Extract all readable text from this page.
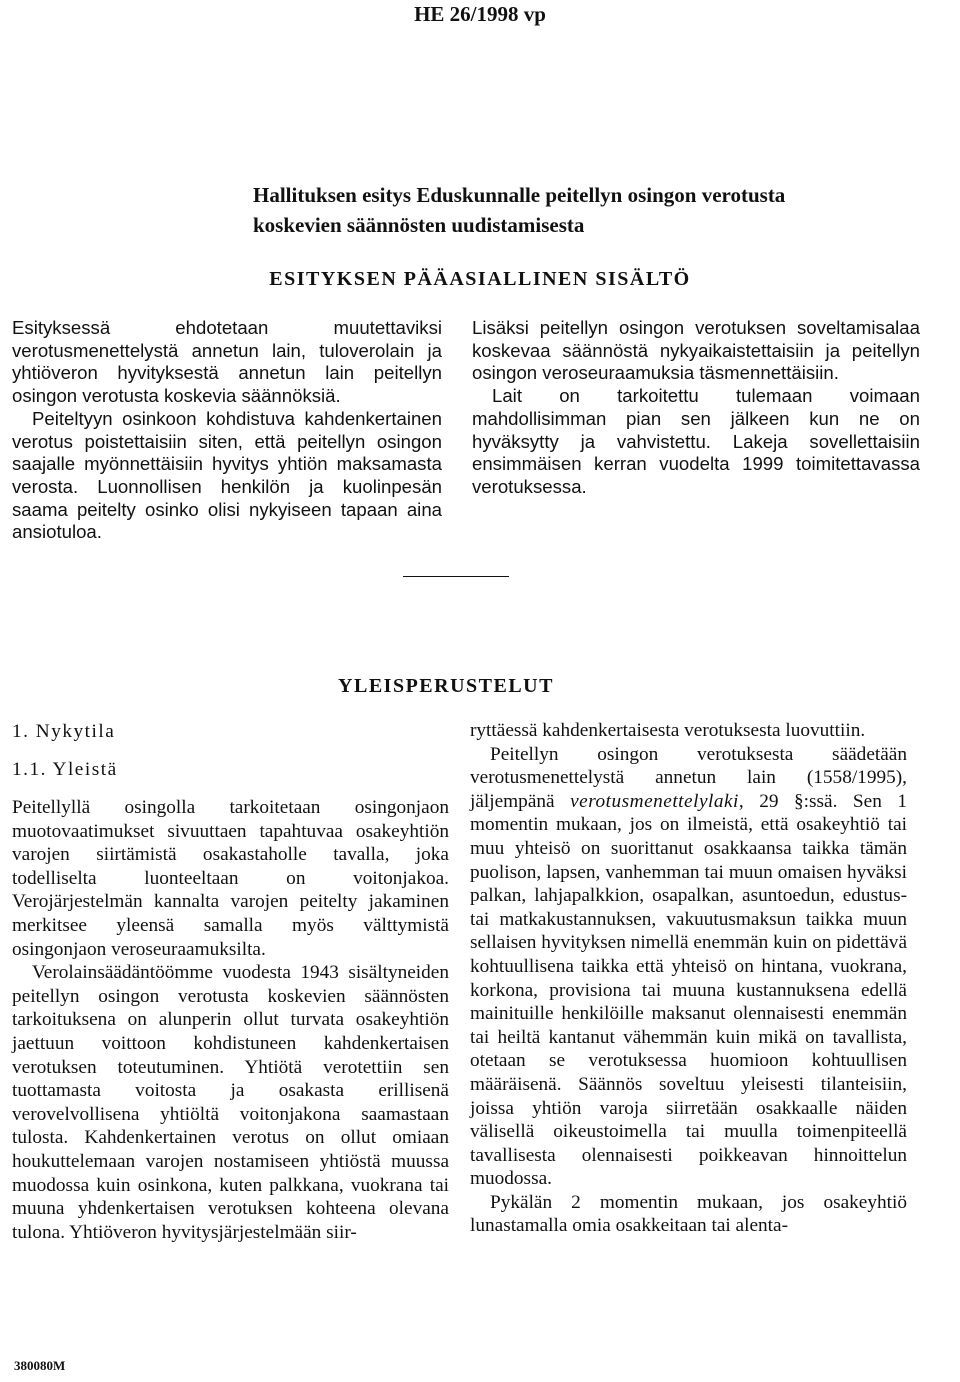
HE 26/1998 vp
Hallituksen esitys Eduskunnalle peitellyn osingon verotusta
koskevien säännösten uudistamisesta
ESITYKSEN PÄÄASIALLINEN SISÄLTÖ

Esityksessä ehdotetaan muutettaviksi verotusmenettelystä annetun lain, tuloverolain ja yhtiöveron hyvityksestä annetun lain peitellyn osingon verotusta koskevia säännöksiä.

Peiteltyyn osinkoon kohdistuva kahdenkertainen verotus poistettaisiin siten, että peitellyn osingon saajalle myönnettäisiin hyvitys yhtiön maksamasta verosta. Luonnollisen henkilön ja kuolinpesän saama peitelty osinko olisi nykyiseen tapaan aina ansiotuloa.

Lisäksi peitellyn osingon verotuksen soveltamisalaa koskevaa säännöstä nykyaikaistettaisiin ja peitellyn osingon veroseuraamuksia täsmennettäisiin.

Lait on tarkoitettu tulemaan voimaan mahdollisimman pian sen jälkeen kun ne on hyväksytty ja vahvistettu. Lakeja sovellettaisiin ensimmäisen kerran vuodelta 1999 toimitettavassa verotuksessa.

YLEISPERUSTELUT
1. Nykytila
1.1. Yleistä

Peitellyllä osingolla tarkoitetaan osingonjaon muotovaatimukset sivuuttaen tapahtuvaa osakeyhtiön varojen siirtämistä osakastaholle tavalla, joka todelliselta luonteeltaan on voitonjakoa. Verojärjestelmän kannalta varojen peitelty jakaminen merkitsee yleensä samalla myös välttymistä osingonjaon veroseuraamuksilta.

Verolainsäädäntöömme vuodesta 1943 sisältyneiden peitellyn osingon verotusta koskevien säännösten tarkoituksena on alunperin ollut turvata osakeyhtiön jaettuun voittoon kohdistuneen kahdenkertaisen verotuksen toteutuminen. Yhtiötä verotettiin sen tuottamasta voitosta ja osakasta erillisenä verovelvollisena yhtiöltä voitonjakona saamastaan tulosta. Kahdenkertainen verotus on ollut omiaan houkuttelemaan varojen nostamiseen yhtiöstä muussa muodossa kuin osinkona, kuten palkkana, vuokrana tai muuna yhdenkertaisen verotuksen kohteena olevana tulona. Yhtiöveron hyvitysjärjestelmään siir-

ryttäessä kahdenkertaisesta verotuksesta luovuttiin.

Peitellyn osingon verotuksesta säädetään verotusmenettelystä annetun lain (1558/1995), jäljempänä verotusmenettelylaki, 29 §:ssä. Sen 1 momentin mukaan, jos on ilmeistä, että osakeyhtiö tai muu yhteisö on suorittanut osakkaansa taikka tämän puolison, lapsen, vanhemman tai muun omaisen hyväksi palkan, lahjapalkkion, osapalkan, asuntoedun, edustus- tai matkakustannuksen, vakuutusmaksun taikka muun sellaisen hyvityksen nimellä enemmän kuin on pidettävä kohtuullisena taikka että yhteisö on hintana, vuokrana, korkona, provisiona tai muuna kustannuksena edellä mainituille henkilöille maksanut olennaisesti enemmän tai heiltä kantanut vähemmän kuin mikä on tavallista, otetaan se verotuksessa huomioon kohtuullisen määräisenä. Säännös soveltuu yleisesti tilanteisiin, joissa yhtiön varoja siirretään osakkaalle näiden välisellä oikeustoimella tai muulla toimenpiteellä tavallisesta olennaisesti poikkeavan hinnoittelun muodossa.

Pykälän 2 momentin mukaan, jos osakeyhtiö lunastamalla omia osakkeitaan tai alenta-

380080M
